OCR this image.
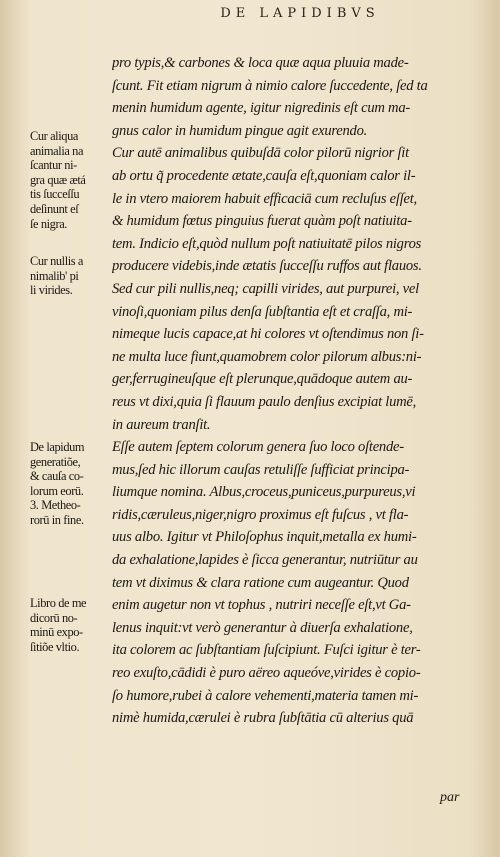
DE LAPIDIBVS
pro typis,& carbones & loca quæ aqua pluuia made-
ſcunt. Fit etiam nigrum à nimio calore ſuccedente, ſed ta
menin humidum agente, igitur nigredinis eſt cum ma-
gnus calor in humidum pingue agit exurendo.
Cur autē animalibus quibuſdā color pilorū nigrior ſit
ab ortu q̃ procedente ætate,cauſa eſt,quoniam calor il-
le in vtero maiorem habuit efficaciā cum recluſus eſſet,
& humidum fœtus pinguius fuerat quàm poſt natiuita-
tem. Indicio eſt,quòd nullum poſt natiuitatē pilos nigros
producere videbis,inde ætatis ſucceſſu ruffos aut flauos.
Sed cur pili nullis,neq; capilli virides, aut purpurei, vel
vinoſi,quoniam pilus denſa ſubſtantia eſt et craſſa, mi-
nimeque lucis capace,at hi colores vt oſtendimus non ſi-
ne multa luce fiunt,quamobrem color pilorum albus:ni-
ger,ferrugineuſque eſt plerunque,quādoque autem au-
reus vt dixi,quia ſi flauum paulo denſius excipiat lumē,
in aureum tranſit.
Eſſe autem ſeptem colorum genera ſuo loco oſtende-
mus,ſed hic illorum cauſas retuliſſe ſufficiat principa-
liumque nomina. Albus,croceus,puniceus,purpureus,vi
ridis,cæruleus,niger,nigro proximus eſt fuſcus , vt fla-
uus albo. Igitur vt Philoſophus inquit,metalla ex humi-
da exhalatione,lapides è ſicca generantur, nutriūtur au
tem vt diximus & clara ratione cum augeantur. Quod
enim augetur non vt tophus , nutriri neceſſe eſt,vt Ga-
lenus inquit:vt verò generantur à diuerſa exhalatione,
ita colorem ac ſubſtantiam ſuſcipiunt. Fuſci igitur è ter-
reo exuſto,cādidi è puro aëreo aqueóve,virides è copio-
ſo humore,rubei à calore vehementi,materia tamen mi-
nimè humida,cærulei è rubra ſubſtātia cū alterius quā
Cur aliqua
animalia na
ſcantur ni-
gra quæ ætá
tis ſucceſſu
deſinunt eſ
ſe nigra.
Cur nullis a
nimalib' pi
li virides.
De lapidum
generatiõe,
& cauſa co-
lorum eorū.
3. Metheo-
rorū in fine.
Libro de me
dicorū no-
minū expo-
ſitiõe vltio.
par
